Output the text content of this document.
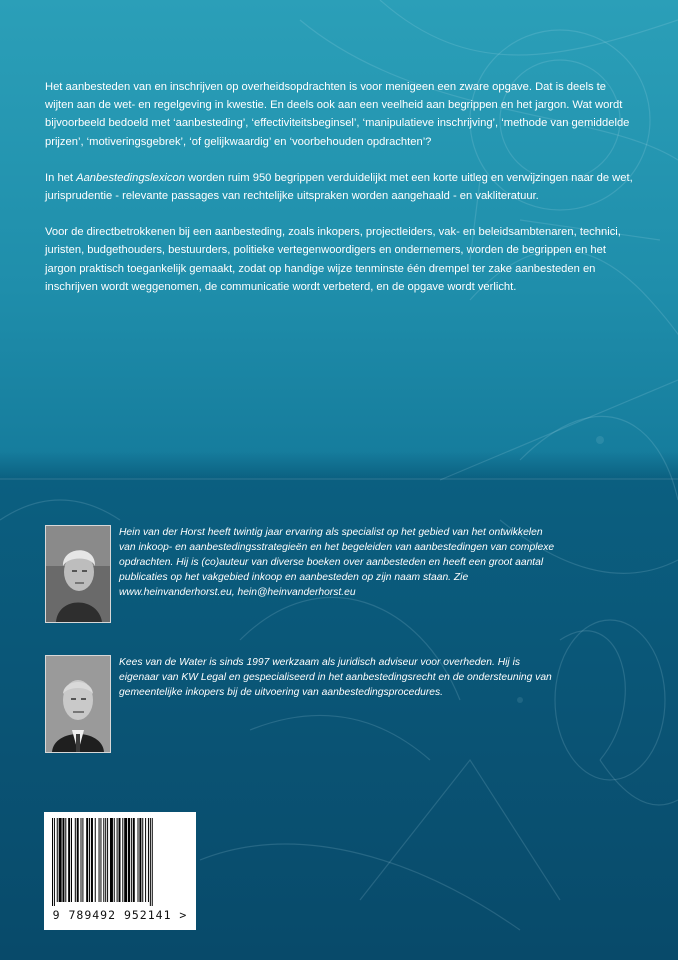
Het aanbesteden van en inschrijven op overheidsopdrachten is voor menigeen een zware opgave. Dat is deels te wijten aan de wet- en regelgeving in kwestie. En deels ook aan een veelheid aan begrippen en het jargon. Wat wordt bijvoorbeeld bedoeld met ‘aanbesteding’, ‘effectiviteitsbeginsel’, ‘manipulatieve inschrijving’, ‘methode van gemiddelde prijzen’, ‘motiveringsgebrek’, ‘of gelijkwaardig’ en ‘voorbehouden opdrachten’?

In het Aanbestedingslexicon worden ruim 950 begrippen verduidelijkt met een korte uitleg en verwijzingen naar de wet, jurisprudentie - relevante passages van rechtelijke uitspraken worden aangehaald - en vakliteratuur.

Voor de directbetrokkenen bij een aanbesteding, zoals inkopers, projectleiders, vak- en beleidsambtenaren, technici, juristen, budgethouders, bestuurders, politieke vertegenwoordigers en ondernemers, worden de begrippen en het jargon praktisch toegankelijk gemaakt, zodat op handige wijze tenminste één drempel ter zake aanbesteden en inschrijven wordt weggenomen, de communicatie wordt verbeterd, en de opgave wordt verlicht.

Hein van der Horst heeft twintig jaar ervaring als specialist op het gebied van het ontwikkelen van inkoop- en aanbestedingsstrategieën en het begeleiden van aanbestedingen van complexe opdrachten. Hij is (co)auteur van diverse boeken over aanbesteden en heeft een groot aantal publicaties op het vakgebied inkoop en aanbesteden op zijn naam staan. Zie www.heinvanderhorst.eu, hein@heinvanderhorst.eu
Kees van de Water is sinds 1997 werkzaam als juridisch adviseur voor overheden. Hij is eigenaar van KW Legal en gespecialiseerd in het aanbestedingsrecht en de ondersteuning van gemeentelijke inkopers bij de uitvoering van aanbestedingsprocedures.
9 789492 952141 >
